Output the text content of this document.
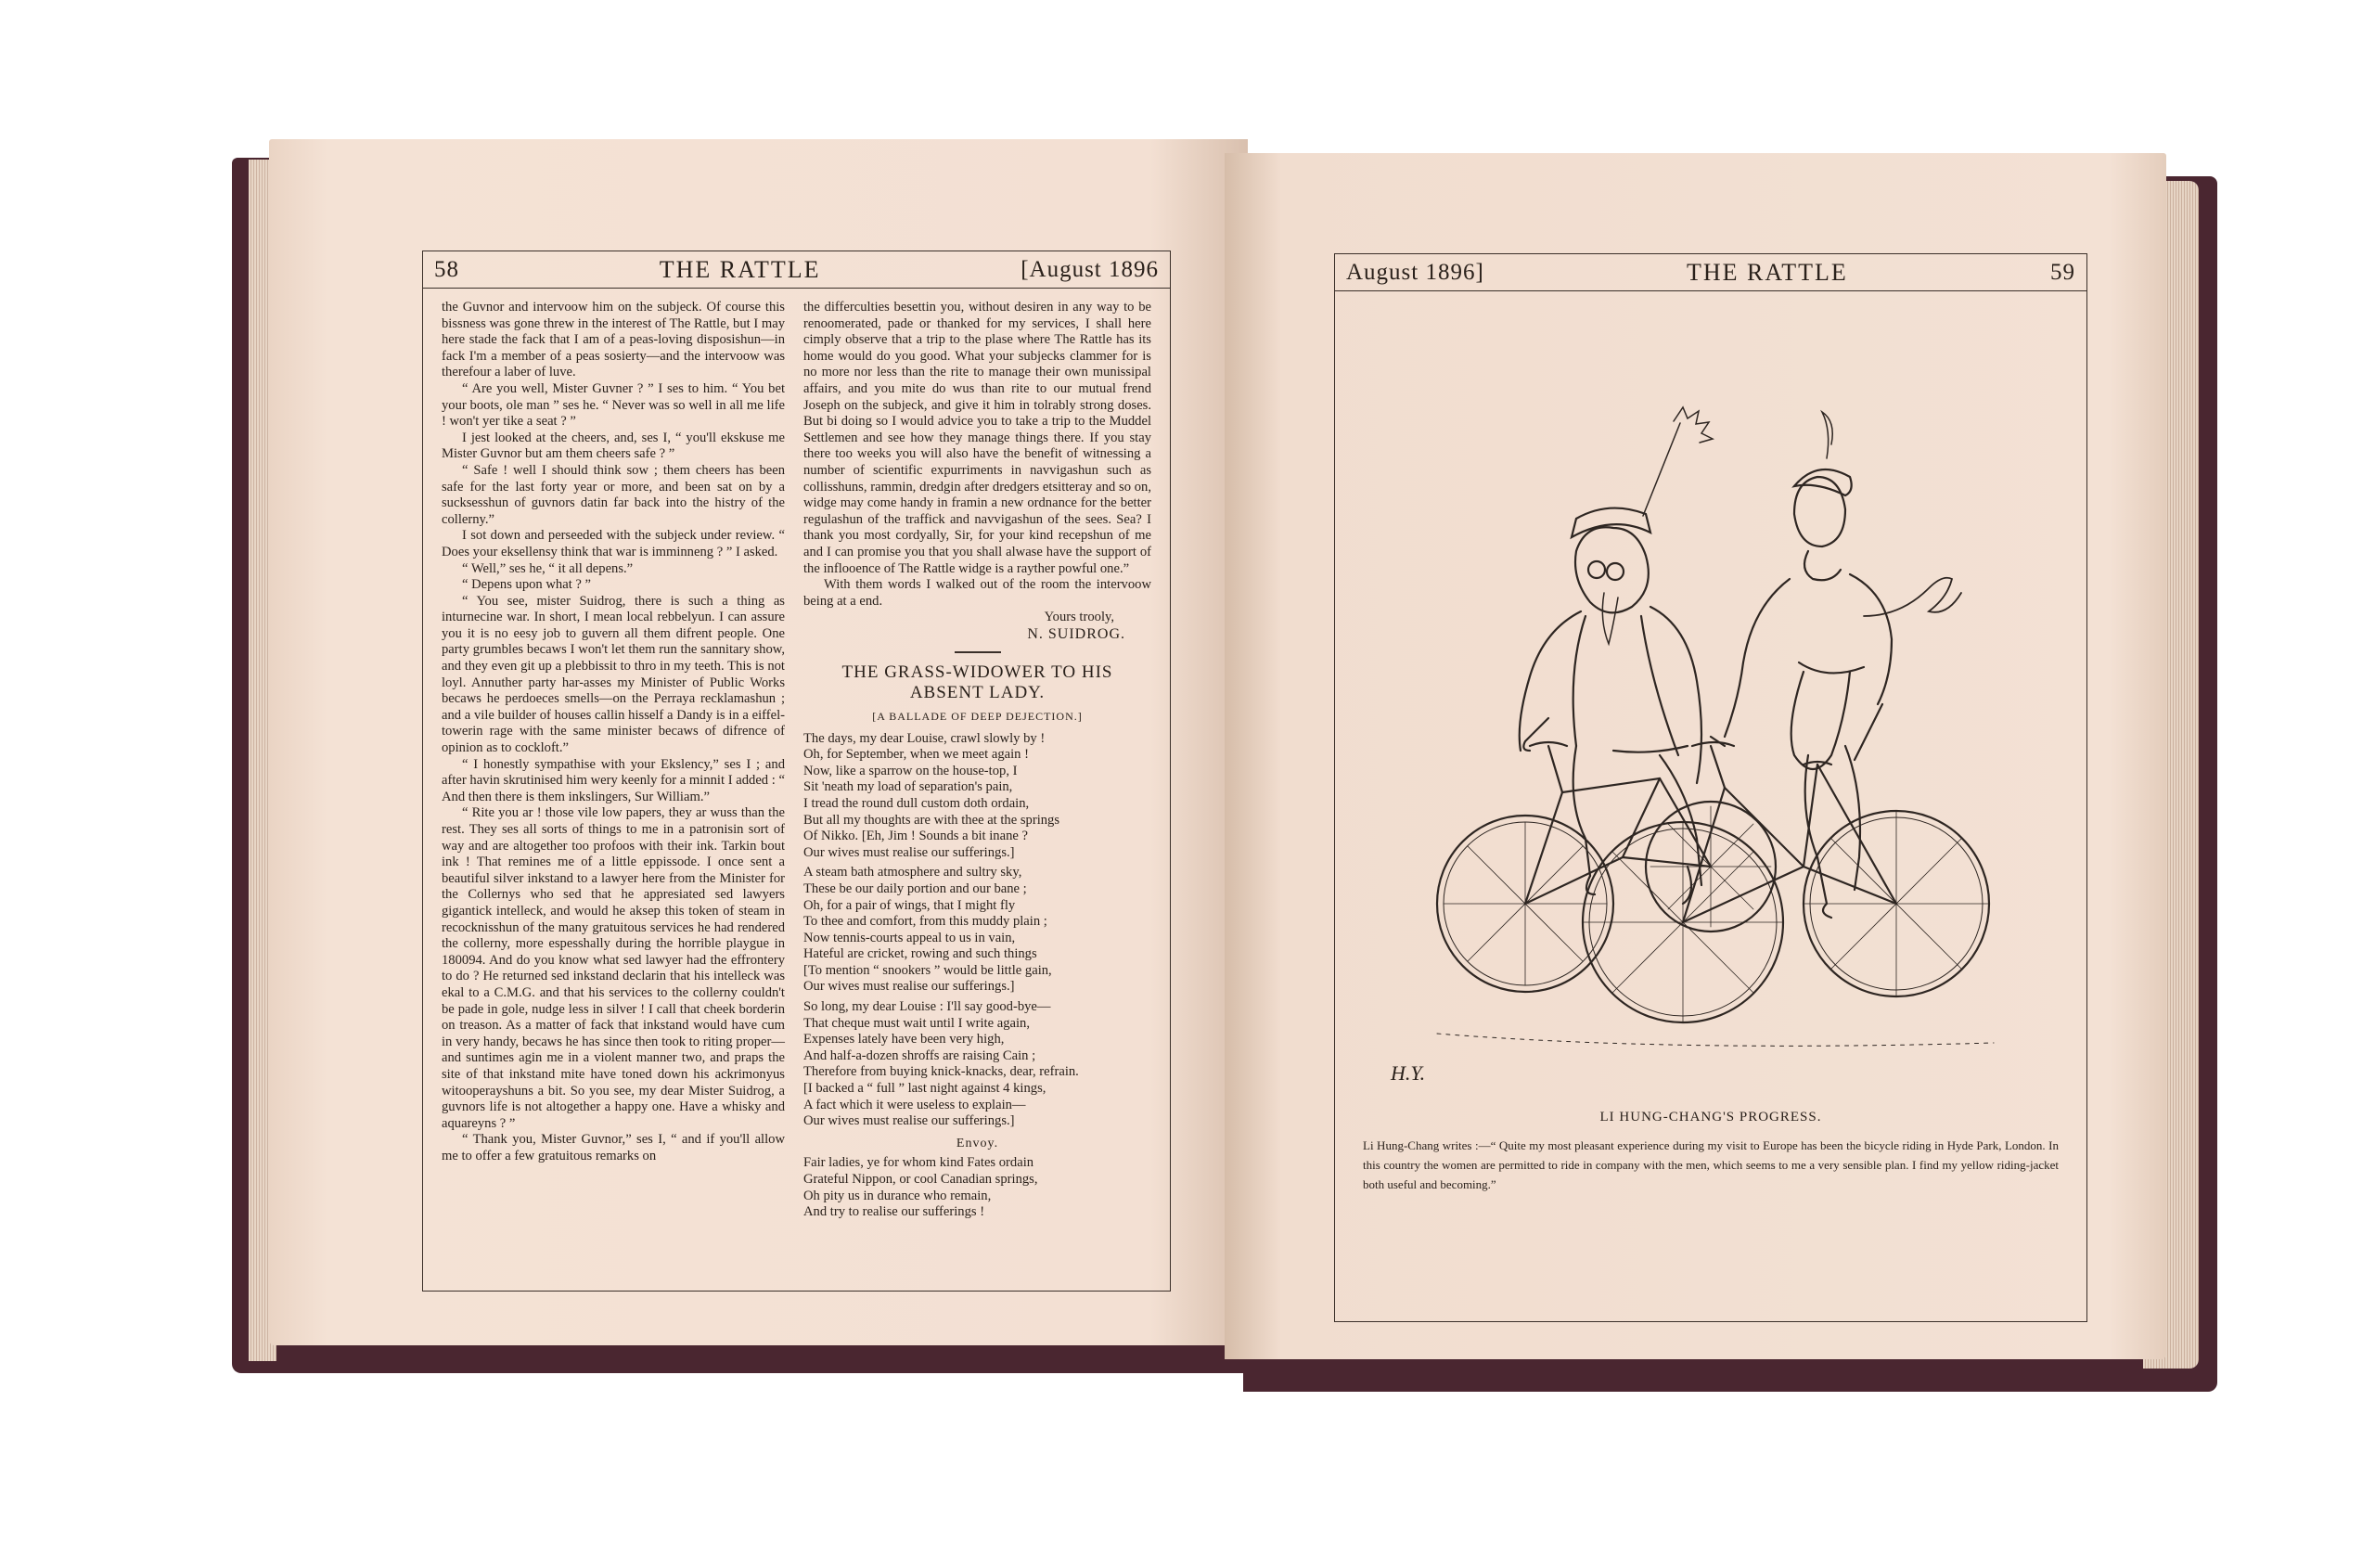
58	THE RATTLE	[August 1896

the Guvnor and intervoow him on the subjeck. Of course this bissness was gone threw in the interest of The Rattle, but I may here stade the fack that I am of a peas-loving disposishun—in fack I'm a member of a peas sosierty—and the intervoow was therefour a laber of luve.

“ Are you well, Mister Guvner ? ” I ses to him. “ You bet your boots, ole man ” ses he. “ Never was so well in all me life ! won't yer tike a seat ? ”

I jest looked at the cheers, and, ses I, “ you'll ekskuse me Mister Guvnor but am them cheers safe ? ”

“ Safe ! well I should think sow ; them cheers has been safe for the last forty year or more, and been sat on by a sucksesshun of guvnors datin far back into the histry of the collerny.”

I sot down and perseeded with the subjeck under review. “ Does your eksellensy think that war is imminneng ? ” I asked.

“ Well,” ses he, “ it all depens.”

“ Depens upon what ? ”

“ You see, mister Suidrog, there is such a thing as inturnecine war. In short, I mean local rebbelyun. I can assure you it is no eesy job to guvern all them difrent people. One party grumbles becaws I won't let them run the sannitary show, and they even git up a plebbissit to thro in my teeth. This is not loyl. Annuther party har-asses my Minister of Public Works becaws he perdoeces smells—on the Perraya recklamashun ; and a vile builder of houses callin hisself a Dandy is in a eiffel-towerin rage with the same minister becaws of difrence of opinion as to cockloft.”

“ I honestly sympathise with your Ekslency,” ses I ; and after havin skrutinised him wery keenly for a minnit I added : “ And then there is them inkslingers, Sur William.”

“ Rite you ar ! those vile low papers, they ar wuss than the rest. They ses all sorts of things to me in a patronisin sort of way and are altogether too profoos with their ink. Tarkin bout ink ! That remines me of a little eppissode. I once sent a beautiful silver inkstand to a lawyer here from the Minister for the Collernys who sed that he appresiated sed lawyers gigantick intelleck, and would he aksep this token of steam in recocknisshun of the many gratuitous services he had rendered the collerny, more espesshally during the horrible playgue in 180094. And do you know what sed lawyer had the effrontery to do ? He returned sed inkstand declarin that his intelleck was ekal to a C.M.G. and that his services to the collerny couldn't be pade in gole, nudge less in silver ! I call that cheek borderin on treason. As a matter of fack that inkstand would have cum in very handy, becaws he has since then took to riting proper—and suntimes agin me in a violent manner two, and praps the site of that inkstand mite have toned down his ackrimonyus witooperayshuns a bit. So you see, my dear Mister Suidrog, a guvnors life is not altogether a happy one. Have a whisky and aquareyns ? ”

“ Thank you, Mister Guvnor,” ses I, “ and if you'll allow me to offer a few gratuitous remarks on

the differculties besettin you, without desiren in any way to be renoomerated, pade or thanked for my services, I shall here cimply observe that a trip to the plase where The Rattle has its home would do you good. What your subjecks clammer for is no more nor less than the rite to manage their own munissipal affairs, and you mite do wus than rite to our mutual frend Joseph on the subjeck, and give it him in tolrably strong doses. But bi doing so I would advice you to take a trip to the Muddel Settlemen and see how they manage things there. If you stay there too weeks you will also have the benefit of witnessing a number of scientific expurriments in navvigashun such as collisshuns, rammin, dredgin after dredgers etsitteray and so on, widge may come handy in framin a new ordnance for the better regulashun of the traffick and navvigashun of the sees. Sea? I thank you most cordyally, Sir, for your kind recepshun of me and I can promise you that you shall alwase have the support of the inflooence of The Rattle widge is a rayther powful one.”

With them words I walked out of the room the intervoow being at a end.

Yours trooly,

N. SUIDROG.

THE GRASS-WIDOWER TO HIS ABSENT LADY.
[A BALLADE OF DEEP DEJECTION.]
The days, my dear Louise, crawl slowly by !
Oh, for September, when we meet again !
Now, like a sparrow on the house-top, I
Sit 'neath my load of separation's pain,
I tread the round dull custom doth ordain,
But all my thoughts are with thee at the springs
Of Nikko. [Eh, Jim ! Sounds a bit inane ?
Our wives must realise our sufferings.]
A steam bath atmosphere and sultry sky,
These be our daily portion and our bane ;
Oh, for a pair of wings, that I might fly
To thee and comfort, from this muddy plain ;
Now tennis-courts appeal to us in vain,
Hateful are cricket, rowing and such things
[To mention “ snookers ” would be little gain,
Our wives must realise our sufferings.]
So long, my dear Louise : I'll say good-bye—
That cheque must wait until I write again,
Expenses lately have been very high,
And half-a-dozen shroffs are raising Cain ;
Therefore from buying knick-knacks, dear, refrain.
[I backed a “ full ” last night against 4 kings,
A fact which it were useless to explain—
Our wives must realise our sufferings.]
Envoy.
Fair ladies, ye for whom kind Fates ordain
Grateful Nippon, or cool Canadian springs,
Oh pity us in durance who remain,
And try to realise our sufferings !
August 1896]	THE RATTLE	59
H.Y.
LI HUNG-CHANG'S PROGRESS.
Li Hung-Chang writes :—“ Quite my most pleasant experience during my visit to Europe has been the bicycle riding in Hyde Park, London. In this country the women are permitted to ride in company with the men, which seems to me a very sensible plan. I find my yellow riding-jacket both useful and becoming.”
